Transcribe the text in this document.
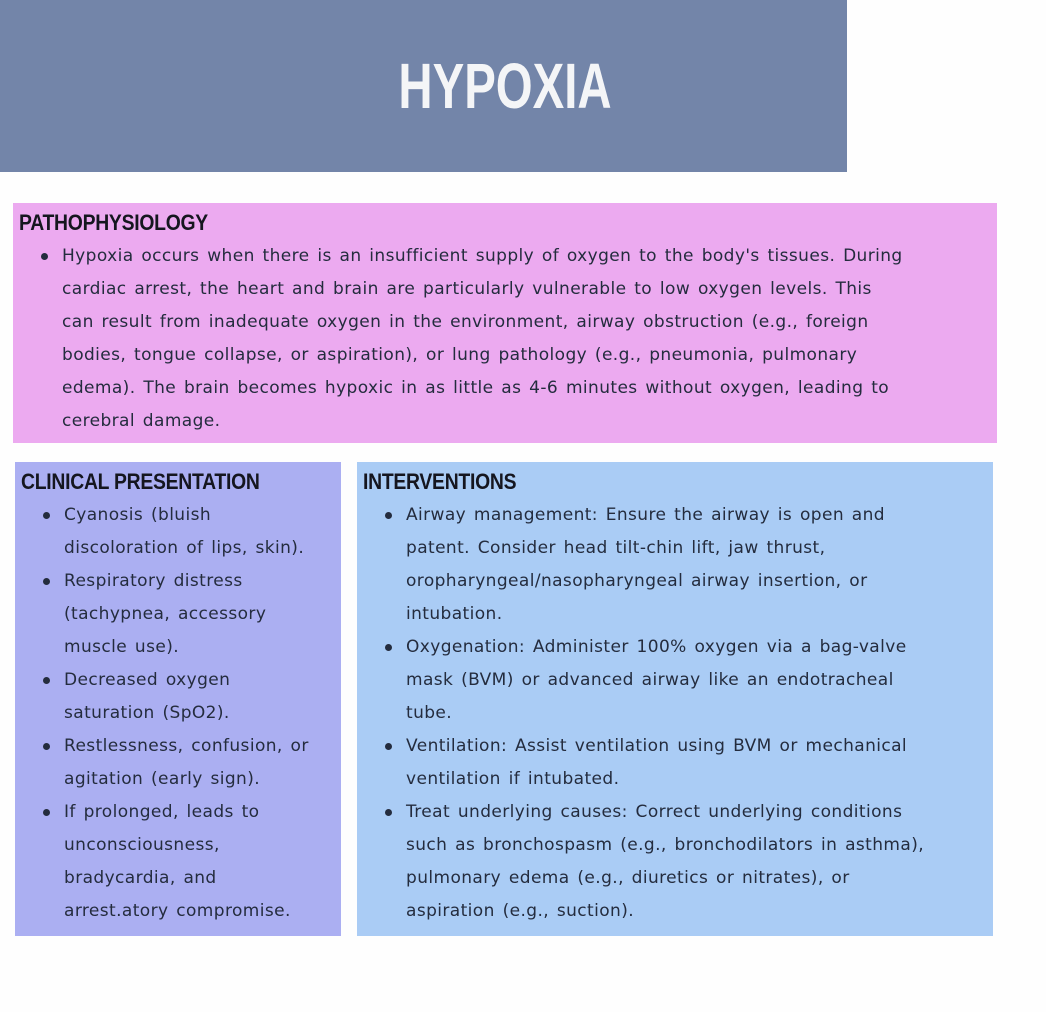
HYPOXIA
PATHOPHYSIOLOGY
Hypoxia occurs when there is an insufficient supply of oxygen to the body's tissues. During
cardiac arrest, the heart and brain are particularly vulnerable to low oxygen levels. This
can result from inadequate oxygen in the environment, airway obstruction (e.g., foreign
bodies, tongue collapse, or aspiration), or lung pathology (e.g., pneumonia, pulmonary
edema). The brain becomes hypoxic in as little as 4-6 minutes without oxygen, leading to
cerebral damage.
CLINICAL PRESENTATION
Cyanosis (bluish
discoloration of lips, skin).
Respiratory distress
(tachypnea, accessory
muscle use).
Decreased oxygen
saturation (SpO2).
Restlessness, confusion, or
agitation (early sign).
If prolonged, leads to
unconsciousness,
bradycardia, and
arrest.atory compromise.
INTERVENTIONS
Airway management: Ensure the airway is open and
patent. Consider head tilt-chin lift, jaw thrust,
oropharyngeal/nasopharyngeal airway insertion, or
intubation.
Oxygenation: Administer 100% oxygen via a bag-valve
mask (BVM) or advanced airway like an endotracheal
tube.
Ventilation: Assist ventilation using BVM or mechanical
ventilation if intubated.
Treat underlying causes: Correct underlying conditions
such as bronchospasm (e.g., bronchodilators in asthma),
pulmonary edema (e.g., diuretics or nitrates), or
aspiration (e.g., suction).
